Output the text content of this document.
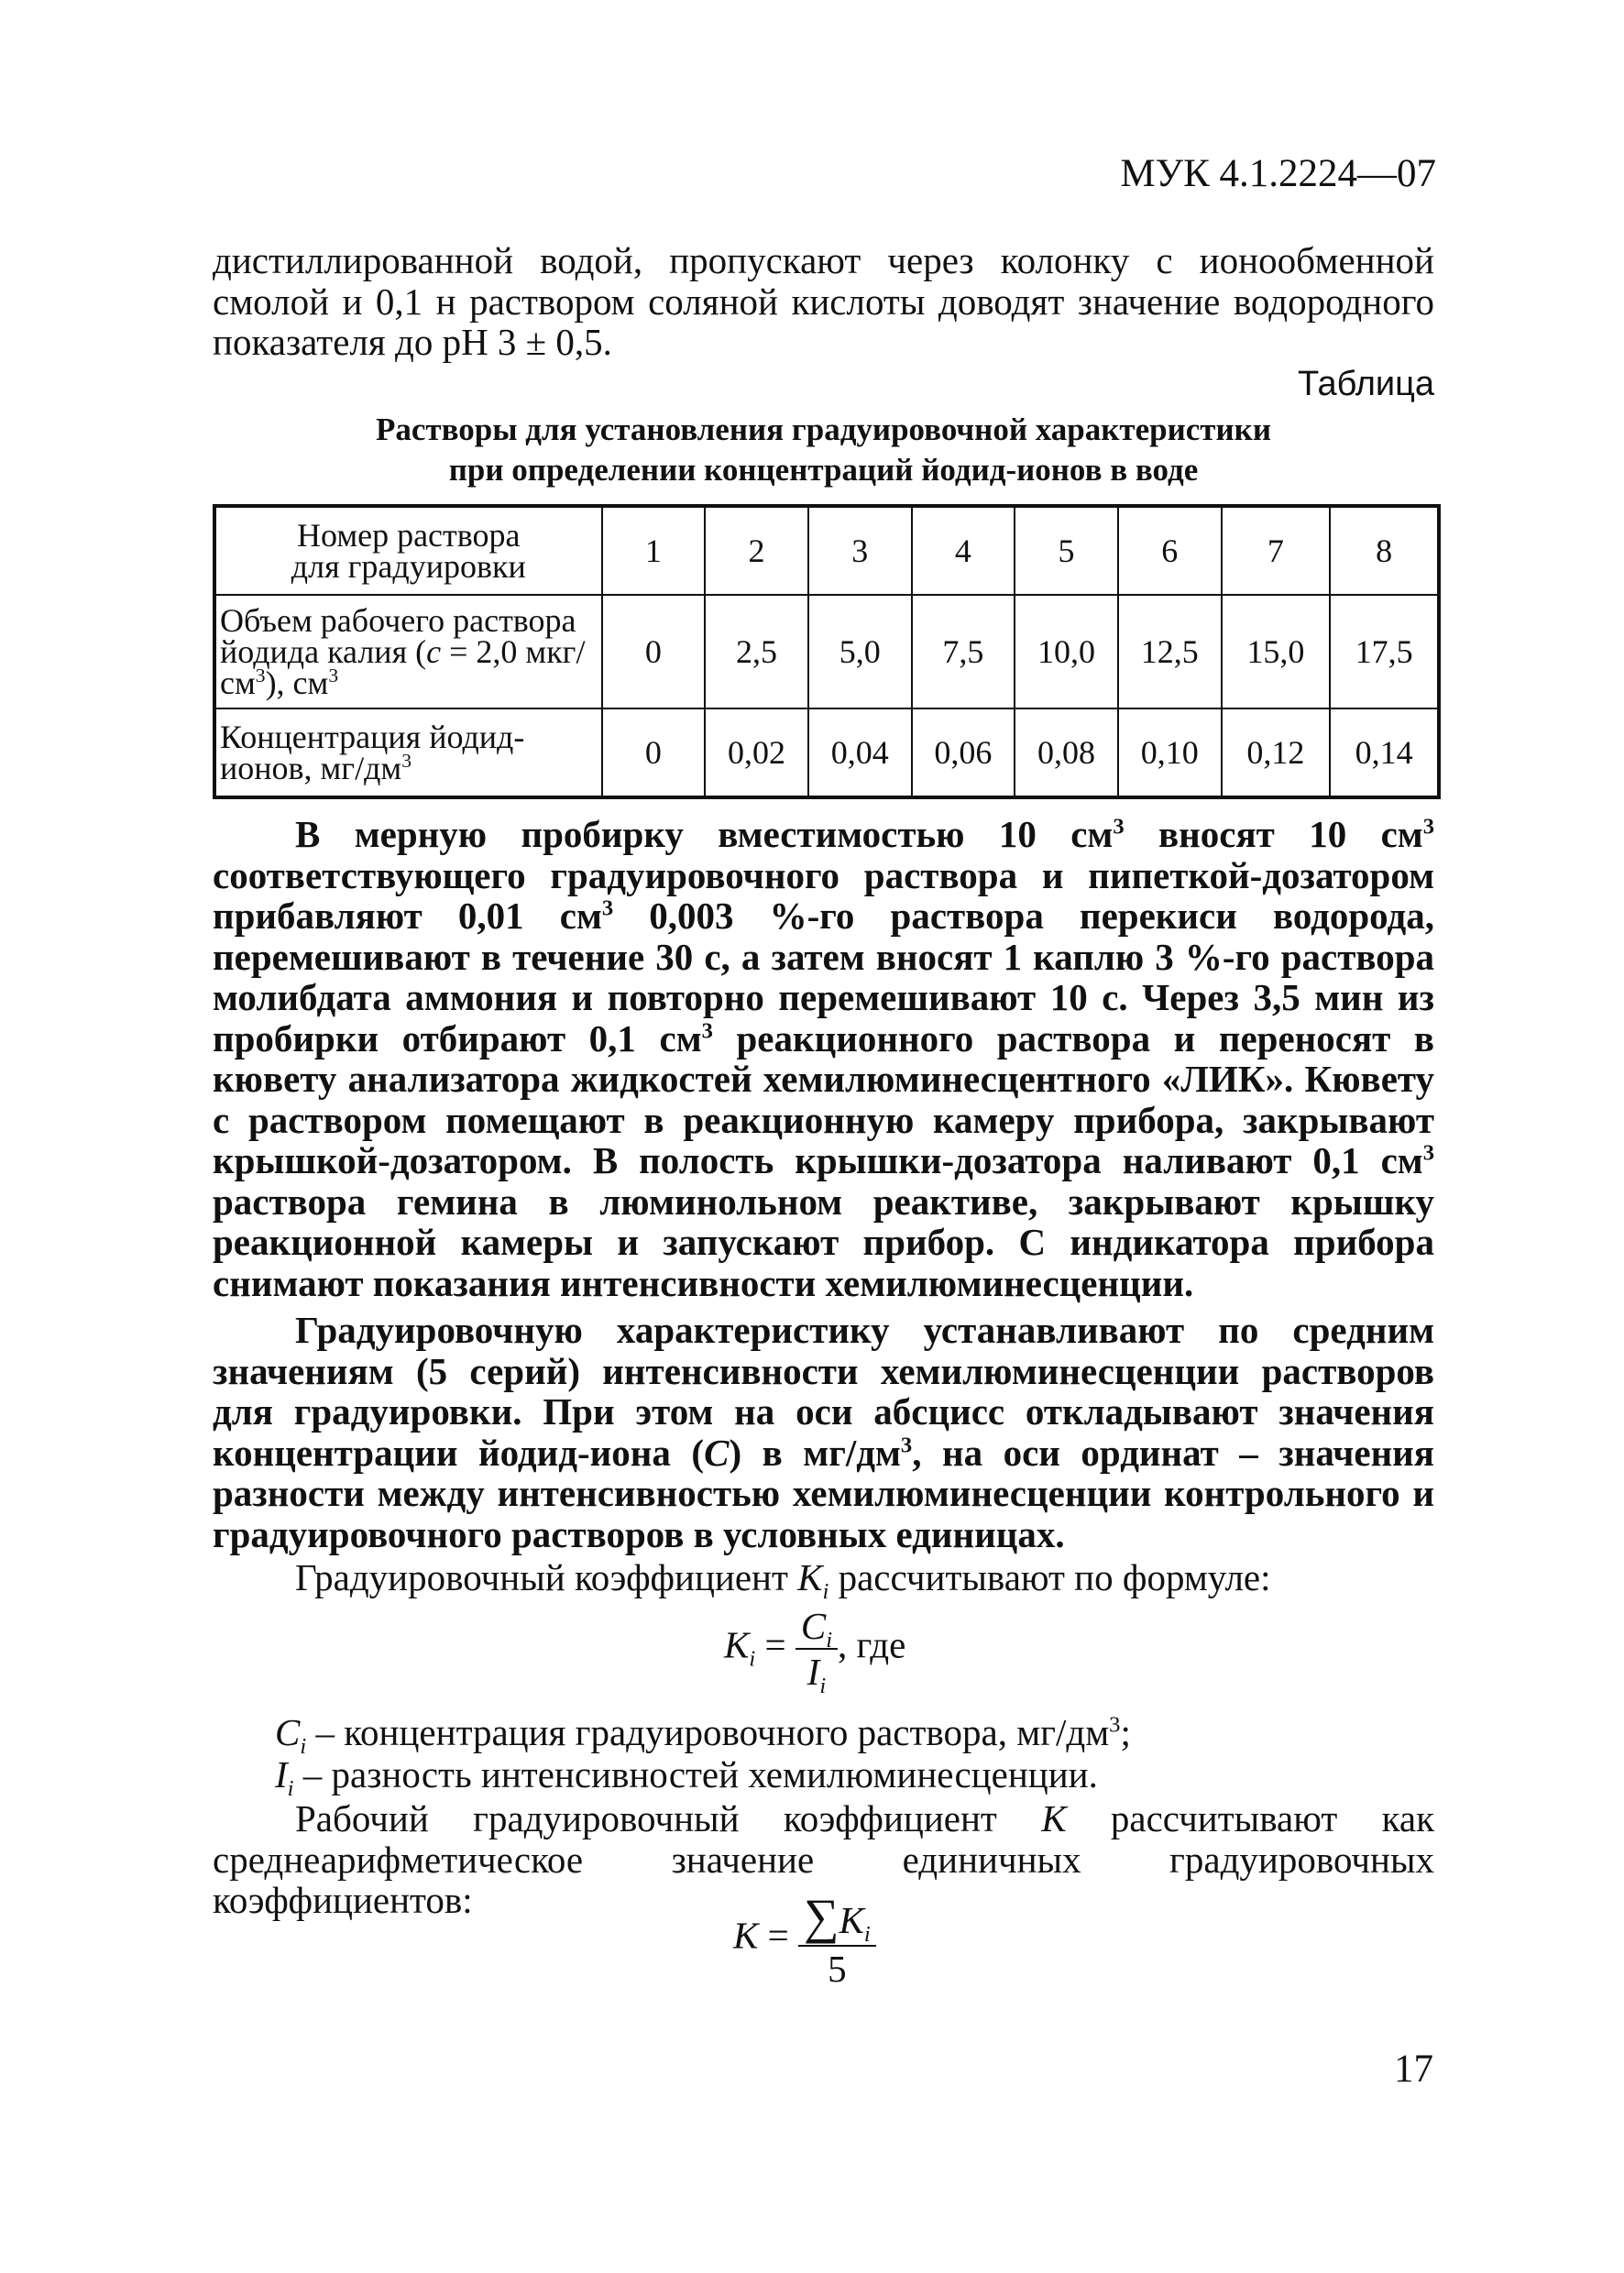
МУК 4.1.2224—07

дистиллированной водой, пропускают через колонку с ионообменной смолой и 0,1 н раствором соляной кислоты доводят значение водородного показателя до pH 3 ± 0,5.

Таблица
Растворы для установления градуировочной характеристики
при определении концентраций йодид-ионов в воде
Номер раствора
для градуировки	1	2	3	4	5	6	7	8
Объем рабочего раствора йодида калия (c = 2,0 мкг/$см^3$), $см^3$	0	2,5	5,0	7,5	10,0	12,5	15,0	17,5
Концентрация йодид-ионов, $мг/дм^3$	0	0,02	0,04	0,06	0,08	0,10	0,12	0,14

В мерную пробирку вместимостью 10 $см^3$ вносят 10 $см^3$ соответствующего градуировочного раствора и пипеткой-дозатором прибавляют 0,01 $см^3$ 0,003 %-го раствора перекиси водорода, перемешивают в течение 30 с, а затем вносят 1 каплю 3 %-го раствора молибдата аммония и повторно перемешивают 10 с. Через 3,5 мин из пробирки отбирают 0,1 $см^3$ реакционного раствора и переносят в кювету анализатора жидкостей хемилюминесцентного «ЛИК». Кювету с раствором помещают в реакционную камеру прибора, закрывают крышкой-дозатором. В полость крышки-дозатора наливают 0,1 $см^3$ раствора гемина в люминольном реактиве, закрывают крышку реакционной камеры и запускают прибор. С индикатора прибора снимают показания интенсивности хемилюминесценции.

Градуировочную характеристику устанавливают по средним значениям (5 серий) интенсивности хемилюминесценции растворов для градуировки. При этом на оси абсцисс откладывают значения концентрации йодид-иона (C) в $мг/дм^3$, на оси ординат – значения разности между интенсивностью хемилюминесценции контрольного и градуировочного растворов в условных единицах.

Градуировочный коэффициент $K_i$ рассчитывают по формуле:

$K_i = \frac{C_i}{I_i}$ , где

$C_i$ – концентрация градуировочного раствора, $мг/дм^3$;

$I_i$ – разность интенсивностей хемилюминесценции.

Рабочий градуировочный коэффициент K рассчитывают как среднеарифметическое значение единичных градуировочных коэффициентов:

$K = \frac{\sum K_i}{5}$
17
